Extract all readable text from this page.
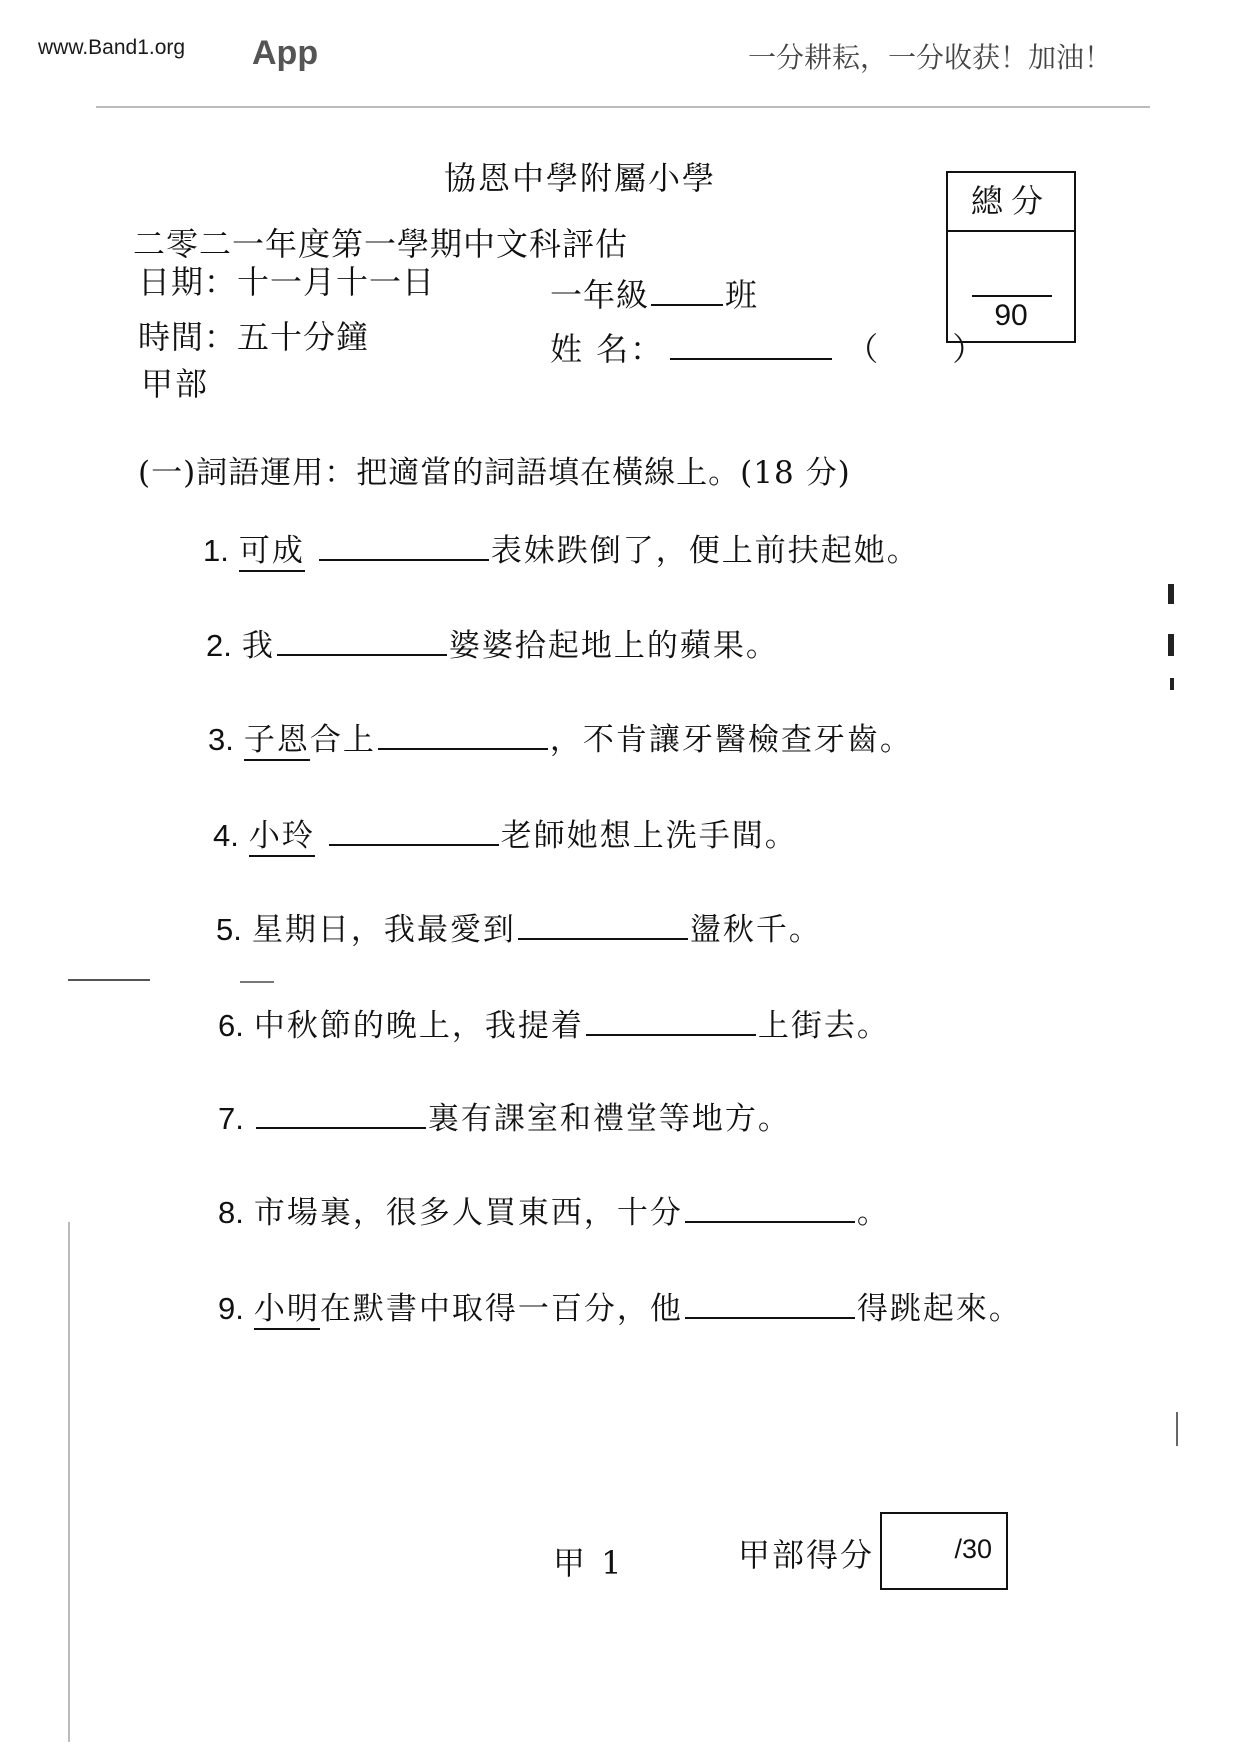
www.Band1.org App	一分耕耘，一分收获！加油！
協恩中學附屬小學
二零二一年度第一學期中文科評估
日期：十一月十一日
時間：五十分鐘
甲部
一年級 班
姓 名：	（ ）
總分
90
(一)詞語運用：把適當的詞語填在橫線上。(18 分)
1. 可成	表妹跌倒了，便上前扶起她。
2. 我	婆婆拾起地上的蘋果。
3. 子恩合上	，不肯讓牙醫檢查牙齒。
4. 小玲	老師她想上洗手間。
5. 星期日，我最愛到	盪秋千。
6. 中秋節的晚上，我提着	上街去。
7.	裏有課室和禮堂等地方。
8. 市場裏，很多人買東西，十分	。
9. 小明在默書中取得一百分，他	得跳起來。
甲 1	甲部得分	/30
